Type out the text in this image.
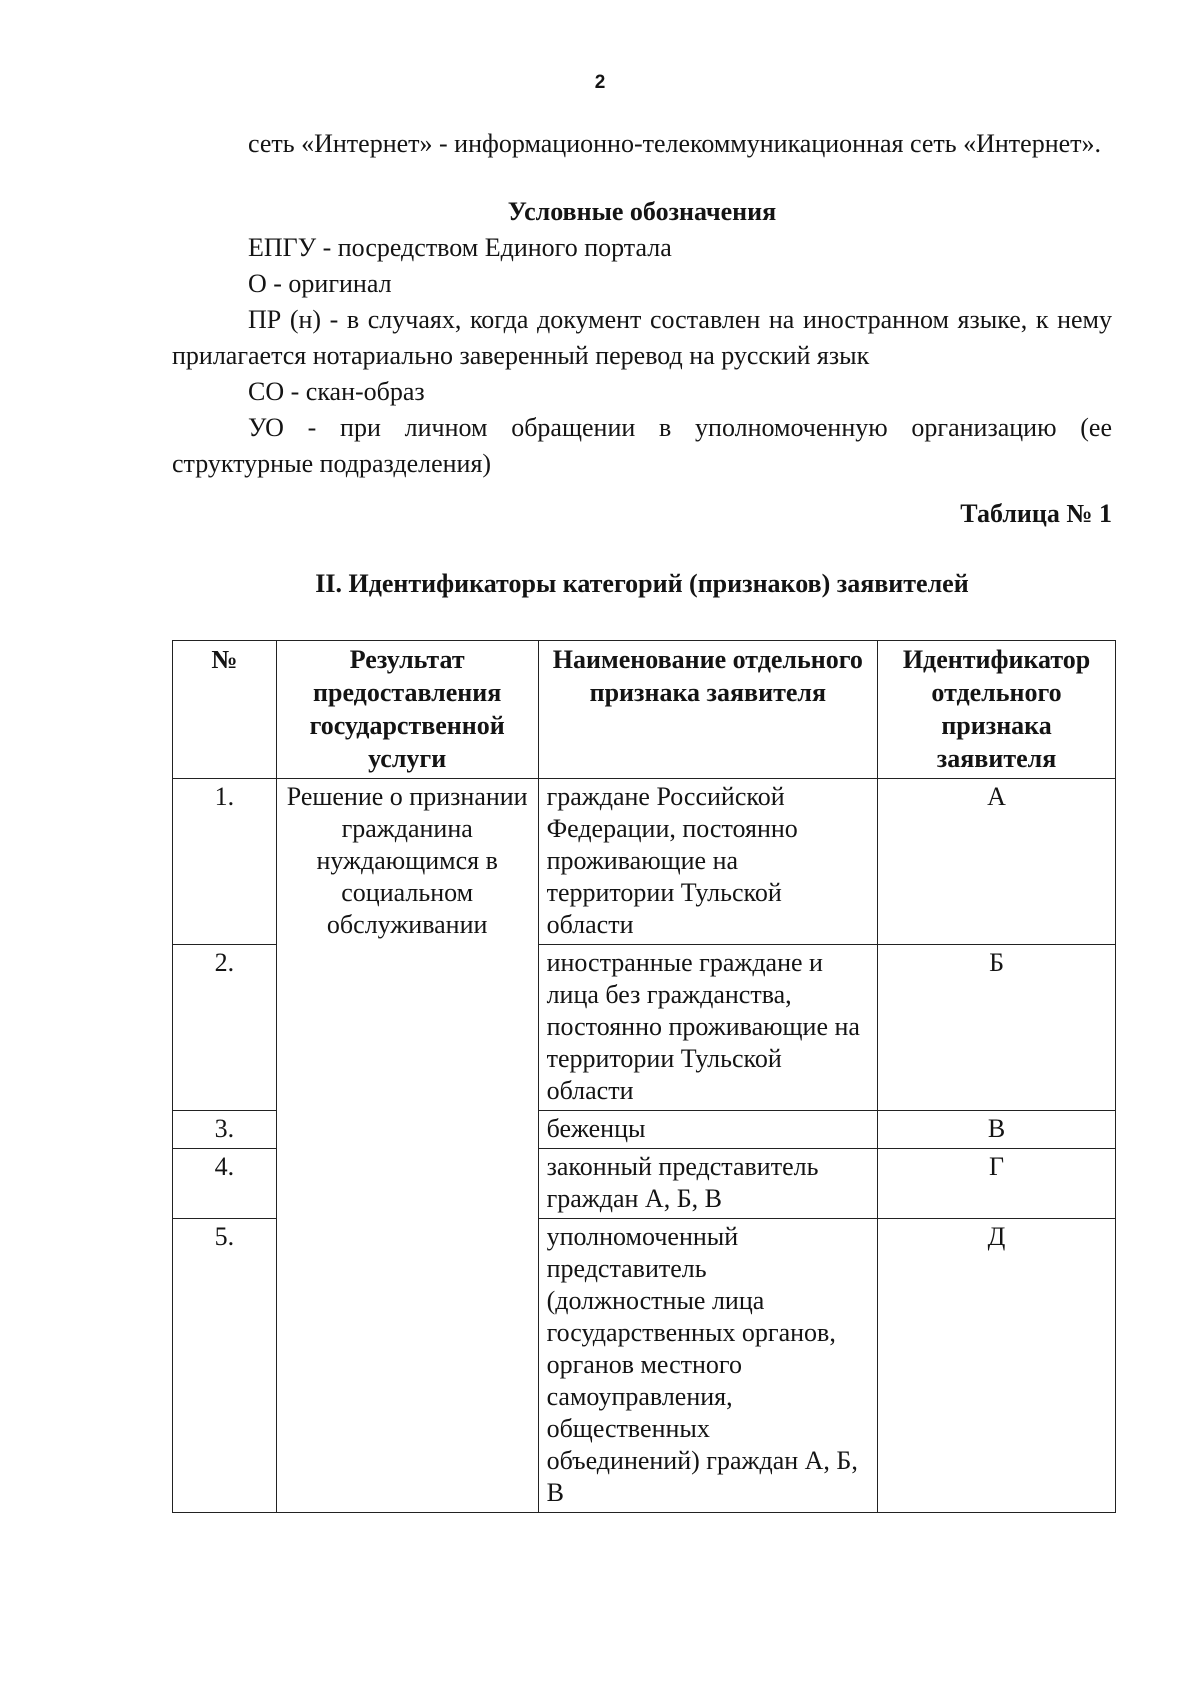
2

сеть «Интернет» - информационно-телекоммуникационная сеть «Интернет».

Условные обозначения

ЕПГУ - посредством Единого портала

О - оригинал

ПР (н) - в случаях, когда документ составлен на иностранном языке, к нему прилагается нотариально заверенный перевод на русский язык

СО - скан-образ

УО - при личном обращении в уполномоченную организацию (ее структурные подразделения)

Таблица № 1

II. Идентификаторы категорий (признаков) заявителей

№	Результат предоставления государственной услуги	Наименование отдельного признака заявителя	Идентификатор отдельного признака заявителя
1.	Решение о признании гражданина нуждающимся в социальном обслуживании	граждане Российской Федерации, постоянно проживающие на территории Тульской области	А
2.		иностранные граждане и лица без гражданства, постоянно проживающие на территории Тульской области	Б
3.		беженцы	В
4.		законный представитель граждан А, Б, В	Г
5.		уполномоченный представитель (должностные лица государственных органов, органов местного самоуправления, общественных объединений) граждан А, Б, В	Д
